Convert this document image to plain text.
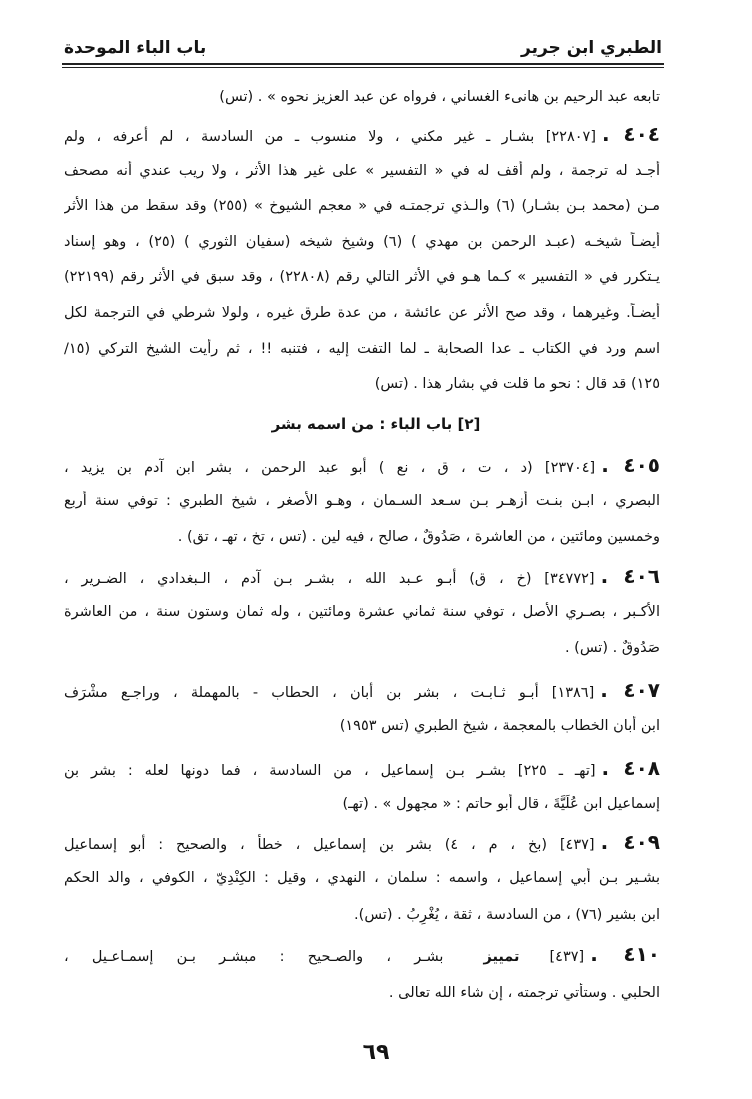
الطبري ابن جرير
باب الباء الموحدة
تابعه عبد الرحيم بن هانىء الغساني ، فرواه عن عبد العزيز نحوه » . (تس)
٤٠٤ .[٢٢٨٠٧] بشـار ـ غير مكني ، ولا منسوب ـ من السادسة ، لم أعرفه ، ولم
أجـد له ترجمة ، ولم أقف له في « التفسير » على غير هذا الأثر ، ولا ريب عندي أنه مصحف
مـن (محمد بـن بشـار) (٦) والـذي ترجمتـه في « معجم الشيوخ » (٢٥٥) وقد سقط من هذا الأثر
أيضـاً شيخـه (عبـد الرحمن بن مهدي ) (٦) وشيخ شيخه (سفيان الثوري ) (٢٥) ، وهو إسناد
يـتكرر في « التفسير » كـما هـو في الأثر التالي رقم (٢٢٨٠٨) ، وقد سبق في الأثر رقم (٢٢١٩٩)
أيضـاً. وغيرهما ، وقد صح الأثر عن عائشة ، من عدة طرق غيره ، ولولا شرطي في الترجمة لكل
اسم ورد في الكتاب ـ عدا الصحابة ـ لما التفت إليه ، فتنبه !! ، ثم رأيت الشيخ التركي (١٥/
١٢٥) قد قال : نحو ما قلت في بشار هذا . (تس)
[٢] باب الباء : من اسمه بشر
٤٠٥ .[٢٣٧٠٤] (د ، ت ، ق ، نع ) أبو عبد الرحمن ، بشر ابن آدم بن يزيد ،
البصري ، ابـن بنـت أزهـر بـن سـعد السـمان ، وهـو الأصغر ، شيخ الطبري : توفي سنة أربع
وخمسين ومائتين ، من العاشرة ، صَدُوقٌ ، صالح ، فيه لين . (تس ، تخ ، تهـ ، تق) .
٤٠٦ .[٣٤٧٧٢] (خ ، ق) أبـو عـبد الله ، بشـر بـن آدم ، الـبغدادي ، الضـرير ،
الأكـبر ، بصـري الأصل ، توفي سنة ثماني عشرة ومائتين ، وله ثمان وستون سنة ، من العاشرة
صَدُوقٌ . (تس) .
٤٠٧ .[١٣٨٦] أبـو ثـابـت ، بشر بن أبان ، الحطاب - بالمهملة ، وراجـع مشْرَف
ابن أبان الخطاب بالمعجمة ، شيخ الطبري (تس ١٩٥٣)
٤٠٨ .[تهـ ـ ٢٢٥] بشـر بـن إسماعيل ، من السادسة ، فما دونها لعله : بشر بن
إسماعيل ابن عُلَيَّةَ ، قال أبو حاتم : « مجهول » . (تهـ)
٤٠٩ .[٤٣٧] (بخ ، م ، ٤) بشر بن إسماعيل ، خطأ ، والصحيح : أبو إسماعيل
بشـير بـن أبي إسماعيل ، واسمه : سلمان ، النهدي ، وقيل : الكِنْدِيّ ، الكوفي ، والد الحكم
ابن بشير (٧٦) ، من السادسة ، ثقة ، يُغْرِبُ . (تس).
٤١٠ .[٤٣٧]تمييزبشـر ، والصـحيح : مبشـر بـن إسمـاعـيل ،
الحلبي . وستأتي ترجمته ، إن شاء الله تعالى .
٦٩
